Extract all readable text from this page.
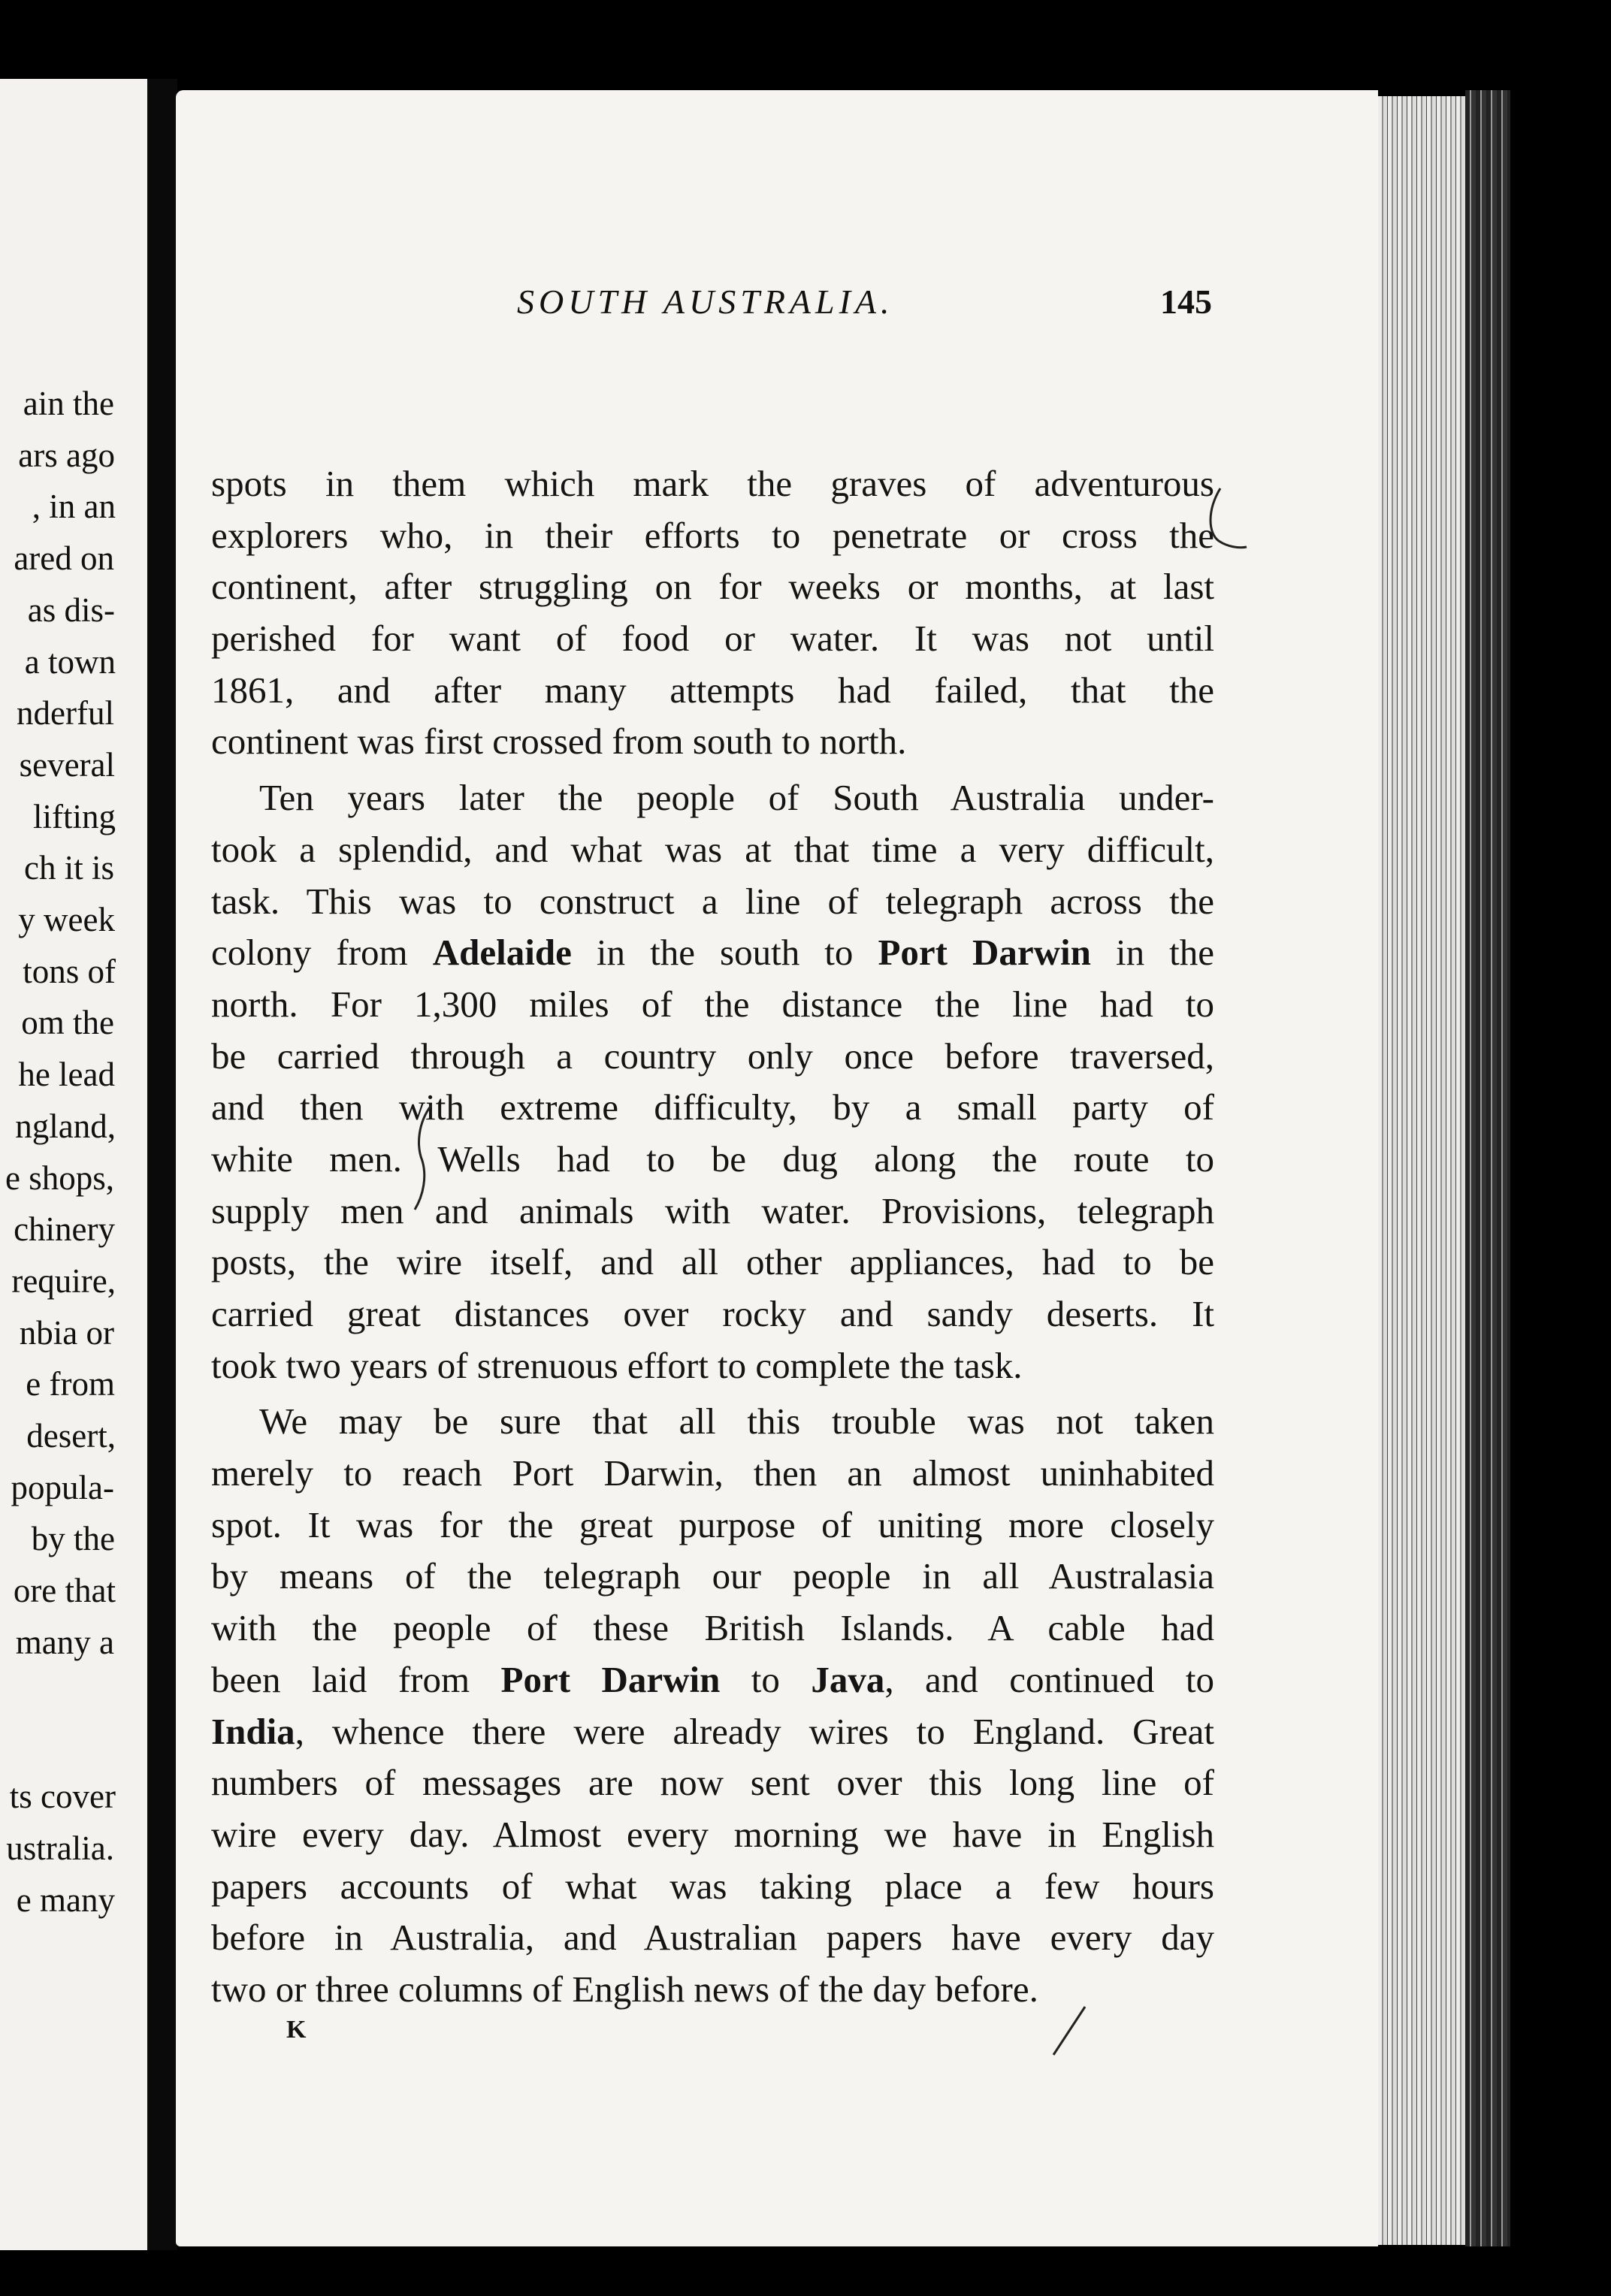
ain the
ars ago
, in an
ared on
as dis-
a town
nderful
several
lifting
ch it is
y week
tons of
om the
he lead
ngland,
e shops,
chinery
require,
nbia or
e from
desert,
popula-
by the
ore that
many a
ts cover
ustralia.
e many
SOUTH AUSTRALIA.	145
spots in them which mark the graves of adventurous
explorers who, in their efforts to penetrate or cross the
continent, after struggling on for weeks or months, at last
perished for want of food or water. It was not until
1861, and after many attempts had failed, that the
continent was first crossed from south to north.
Ten years later the people of South Australia under-
took a splendid, and what was at that time a very difficult,
task. This was to construct a line of telegraph across the
colony from Adelaide in the south to Port Darwin in the
north. For 1,300 miles of the distance the line had to
be carried through a country only once before traversed,
and then with extreme difficulty, by a small party of
white men. Wells had to be dug along the route to
supply men and animals with water. Provisions, telegraph
posts, the wire itself, and all other appliances, had to be
carried great distances over rocky and sandy deserts. It
took two years of strenuous effort to complete the task.
We may be sure that all this trouble was not taken
merely to reach Port Darwin, then an almost uninhabited
spot. It was for the great purpose of uniting more closely
by means of the telegraph our people in all Australasia
with the people of these British Islands. A cable had
been laid from Port Darwin to Java, and continued to
India, whence there were already wires to England. Great
numbers of messages are now sent over this long line of
wire every day. Almost every morning we have in English
papers accounts of what was taking place a few hours
before in Australia, and Australian papers have every day
two or three columns of English news of the day before.
K
